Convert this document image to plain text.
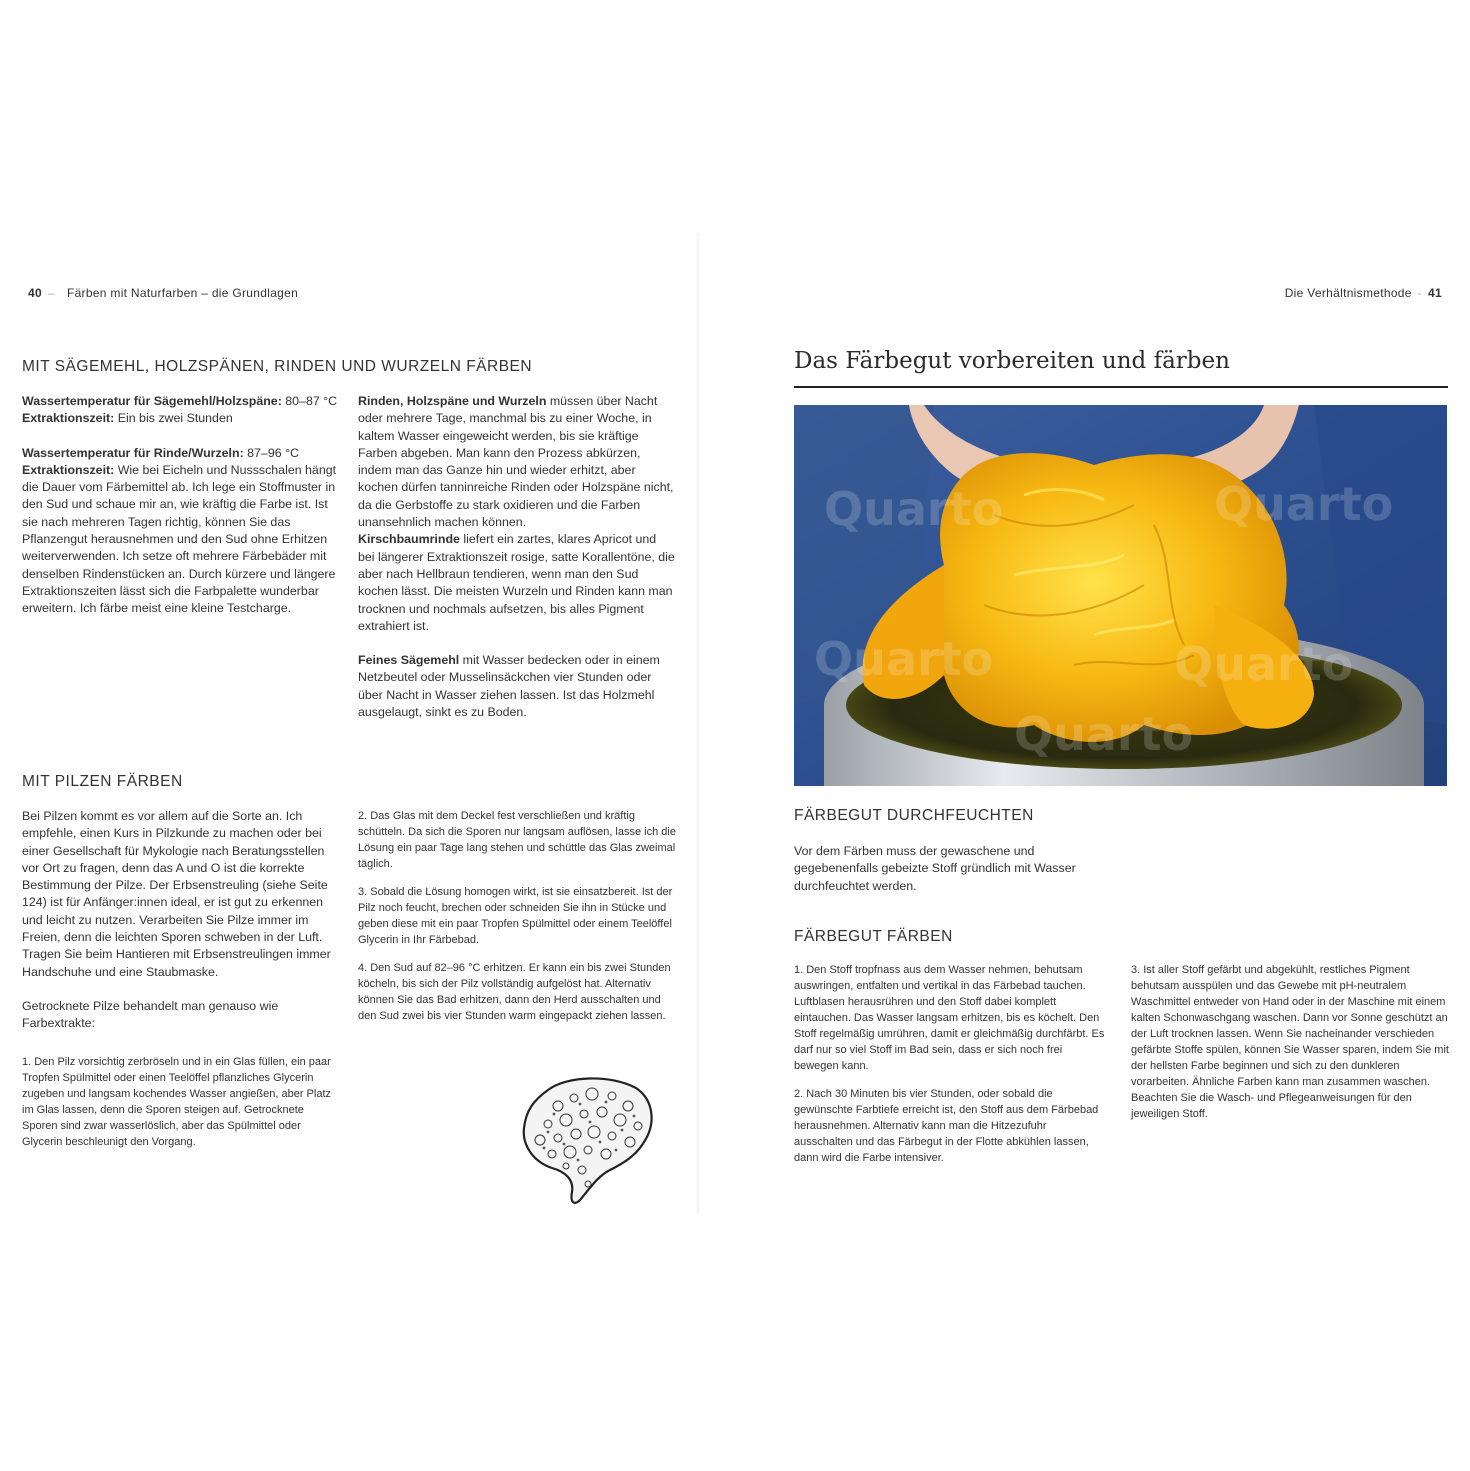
40 – Färben mit Naturfarben – die Grundlagen	Die Verhältnismethode - 41
MIT SÄGEMEHL, HOLZSPÄNEN, RINDEN UND WURZELN FÄRBEN

Wassertemperatur für Sägemehl/Holzspäne: 80–87 °C

Extraktionszeit: Ein bis zwei Stunden

Wassertemperatur für Rinde/Wurzeln: 87–96 °C

Extraktionszeit: Wie bei Eicheln und Nussschalen hängt die Dauer vom Färbemittel ab. Ich lege ein Stoffmuster in den Sud und schaue mir an, wie kräftig die Farbe ist. Ist sie nach mehreren Tagen richtig, können Sie das Pflanzengut herausnehmen und den Sud ohne Erhitzen weiterverwenden. Ich setze oft mehrere Färbebäder mit denselben Rindenstücken an. Durch kürzere und längere Extraktionszeiten lässt sich die Farbpalette wunderbar erweitern. Ich färbe meist eine kleine Testcharge.

Rinden, Holzspäne und Wurzeln müssen über Nacht oder mehrere Tage, manchmal bis zu einer Woche, in kaltem Wasser eingeweicht werden, bis sie kräftige Farben abgeben. Man kann den Prozess abkürzen, indem man das Ganze hin und wieder erhitzt, aber kochen dürfen tanninreiche Rinden oder Holzspäne nicht, da die Gerbstoffe zu stark oxidieren und die Farben unansehnlich machen können.

Kirschbaumrinde liefert ein zartes, klares Apricot und bei längerer Extraktionszeit rosige, satte Korallentöne, die aber nach Hellbraun tendieren, wenn man den Sud kochen lässt. Die meisten Wurzeln und Rinden kann man trocknen und nochmals aufsetzen, bis alles Pigment extrahiert ist.

Feines Sägemehl mit Wasser bedecken oder in einem Netzbeutel oder Musselinsäckchen vier Stunden oder über Nacht in Wasser ziehen lassen. Ist das Holzmehl ausgelaugt, sinkt es zu Boden.

MIT PILZEN FÄRBEN

Bei Pilzen kommt es vor allem auf die Sorte an. Ich empfehle, einen Kurs in Pilzkunde zu machen oder bei einer Gesellschaft für Mykologie nach Beratungsstellen vor Ort zu fragen, denn das A und O ist die korrekte Bestimmung der Pilze. Der Erbsenstreuling (siehe Seite 124) ist für Anfänger:innen ideal, er ist gut zu erkennen und leicht zu nutzen. Verarbeiten Sie Pilze immer im Freien, denn die leichten Sporen schweben in der Luft. Tragen Sie beim Hantieren mit Erbsenstreulingen immer Handschuhe und eine Staubmaske.

Getrocknete Pilze behandelt man genauso wie Farbextrakte:

1. Den Pilz vorsichtig zerbröseln und in ein Glas füllen, ein paar Tropfen Spülmittel oder einen Teelöffel pflanzliches Glycerin zugeben und langsam kochendes Wasser angießen, aber Platz im Glas lassen, denn die Sporen steigen auf. Getrocknete Sporen sind zwar wasserlöslich, aber das Spülmittel oder Glycerin beschleunigt den Vorgang.

2. Das Glas mit dem Deckel fest verschließen und kräftig schütteln. Da sich die Sporen nur langsam auflösen, lasse ich die Lösung ein paar Tage lang stehen und schüttle das Glas zweimal täglich.

3. Sobald die Lösung homogen wirkt, ist sie einsatzbereit. Ist der Pilz noch feucht, brechen oder schneiden Sie ihn in Stücke und geben diese mit ein paar Tropfen Spülmittel oder einem Teelöffel Glycerin in Ihr Färbebad.

4. Den Sud auf 82–96 °C erhitzen. Er kann ein bis zwei Stunden köcheln, bis sich der Pilz vollständig aufgelöst hat. Alternativ können Sie das Bad erhitzen, dann den Herd ausschalten und den Sud zwei bis vier Stunden warm eingepackt ziehen lassen.

Das Färbegut vorbereiten und färben
Quarto	Quarto
Quarto	Quarto
Quarto
FÄRBEGUT DURCHFEUCHTEN

Vor dem Färben muss der gewaschene und gegebenenfalls gebeizte Stoff gründlich mit Wasser durchfeuchtet werden.

FÄRBEGUT FÄRBEN

1. Den Stoff tropfnass aus dem Wasser nehmen, behutsam auswringen, entfalten und vertikal in das Färbebad tauchen. Luftblasen herausrühren und den Stoff dabei komplett eintauchen. Das Wasser langsam erhitzen, bis es köchelt. Den Stoff regelmäßig umrühren, damit er gleichmäßig durchfärbt. Es darf nur so viel Stoff im Bad sein, dass er sich noch frei bewegen kann.

2. Nach 30 Minuten bis vier Stunden, oder sobald die gewünschte Farbtiefe erreicht ist, den Stoff aus dem Färbebad herausnehmen. Alternativ kann man die Hitzezufuhr ausschalten und das Färbegut in der Flotte abkühlen lassen, dann wird die Farbe intensiver.

3. Ist aller Stoff gefärbt und abgekühlt, restliches Pigment behutsam ausspülen und das Gewebe mit pH-neutralem Waschmittel entweder von Hand oder in der Maschine mit einem kalten Schonwaschgang waschen. Dann vor Sonne geschützt an der Luft trocknen lassen. Wenn Sie nacheinander verschieden gefärbte Stoffe spülen, können Sie Wasser sparen, indem Sie mit der hellsten Farbe beginnen und sich zu den dunkleren vorarbeiten. Ähnliche Farben kann man zusammen waschen. Beachten Sie die Wasch- und Pflegeanweisungen für den jeweiligen Stoff.
